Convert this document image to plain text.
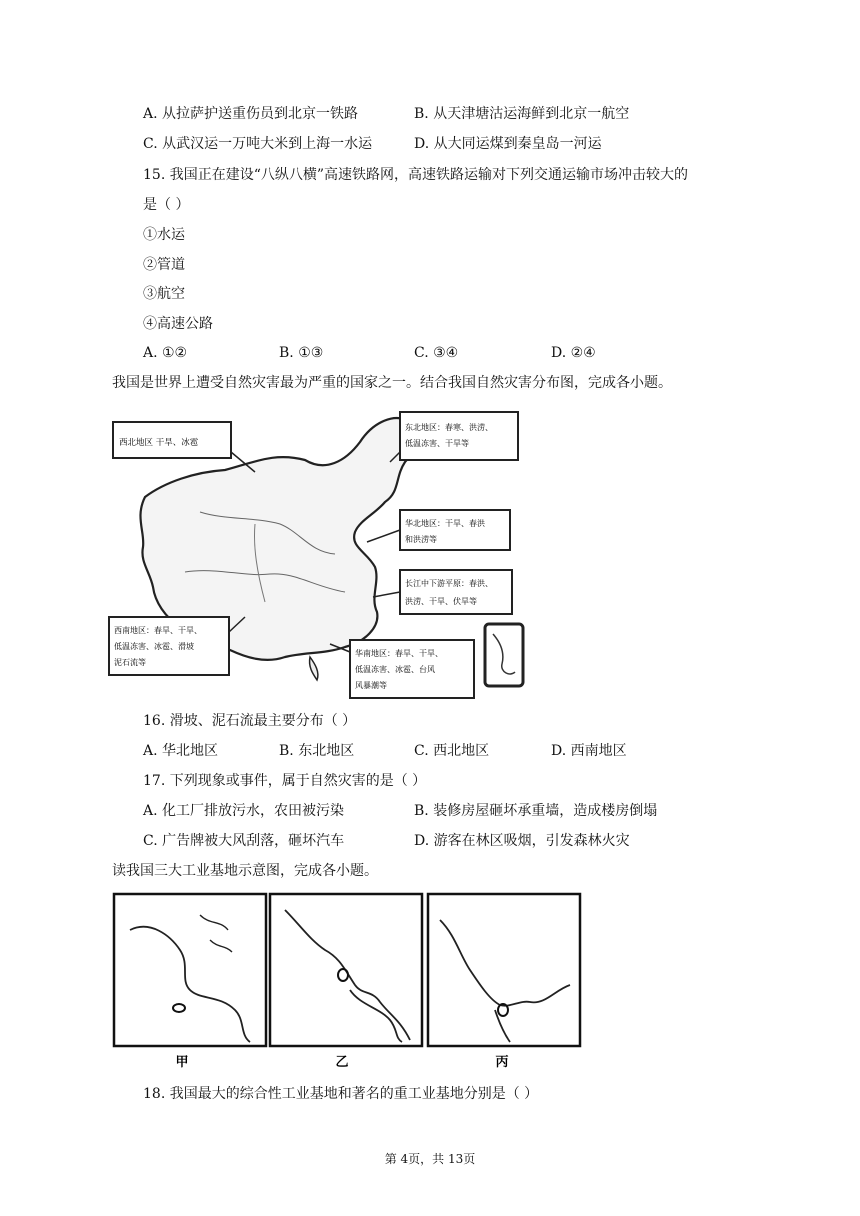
A. 从拉萨护送重伤员到北京一铁路	B. 从天津塘沽运海鲜到北京一航空
C. 从武汉运一万吨大米到上海一水运	D. 从大同运煤到秦皇岛一河运
15. 我国正在建设“八纵八横”高速铁路网，高速铁路运输对下列交通运输市场冲击较大的
是（ ）
①水运
②管道
③航空
④高速公路
A. ①②	B. ①③	C. ③④	D. ②④
我国是世界上遭受自然灾害最为严重的国家之一。结合我国自然灾害分布图，完成各小题。
西北地区 干旱、冰雹
东北地区：春寒、洪涝、
低温冻害、干旱等
华北地区：干旱、春洪
和洪涝等
长江中下游平原：春洪、
洪涝、干旱、伏旱等
西南地区：春旱、干旱、
低温冻害、冰雹、滑坡
泥石流等
华南地区：春旱、干旱、
低温冻害、冰雹、台风
风暴潮等
16. 滑坡、泥石流最主要分布（ ）
A. 华北地区	B. 东北地区	C. 西北地区	D. 西南地区
17. 下列现象或事件，属于自然灾害的是（ ）
A. 化工厂排放污水，农田被污染	B. 装修房屋砸坏承重墙，造成楼房倒塌
C. 广告牌被大风刮落，砸坏汽车	D. 游客在林区吸烟，引发森林火灾
读我国三大工业基地示意图，完成各小题。
甲	乙	丙
18. 我国最大的综合性工业基地和著名的重工业基地分别是（ ）
第 4页，共 13页
